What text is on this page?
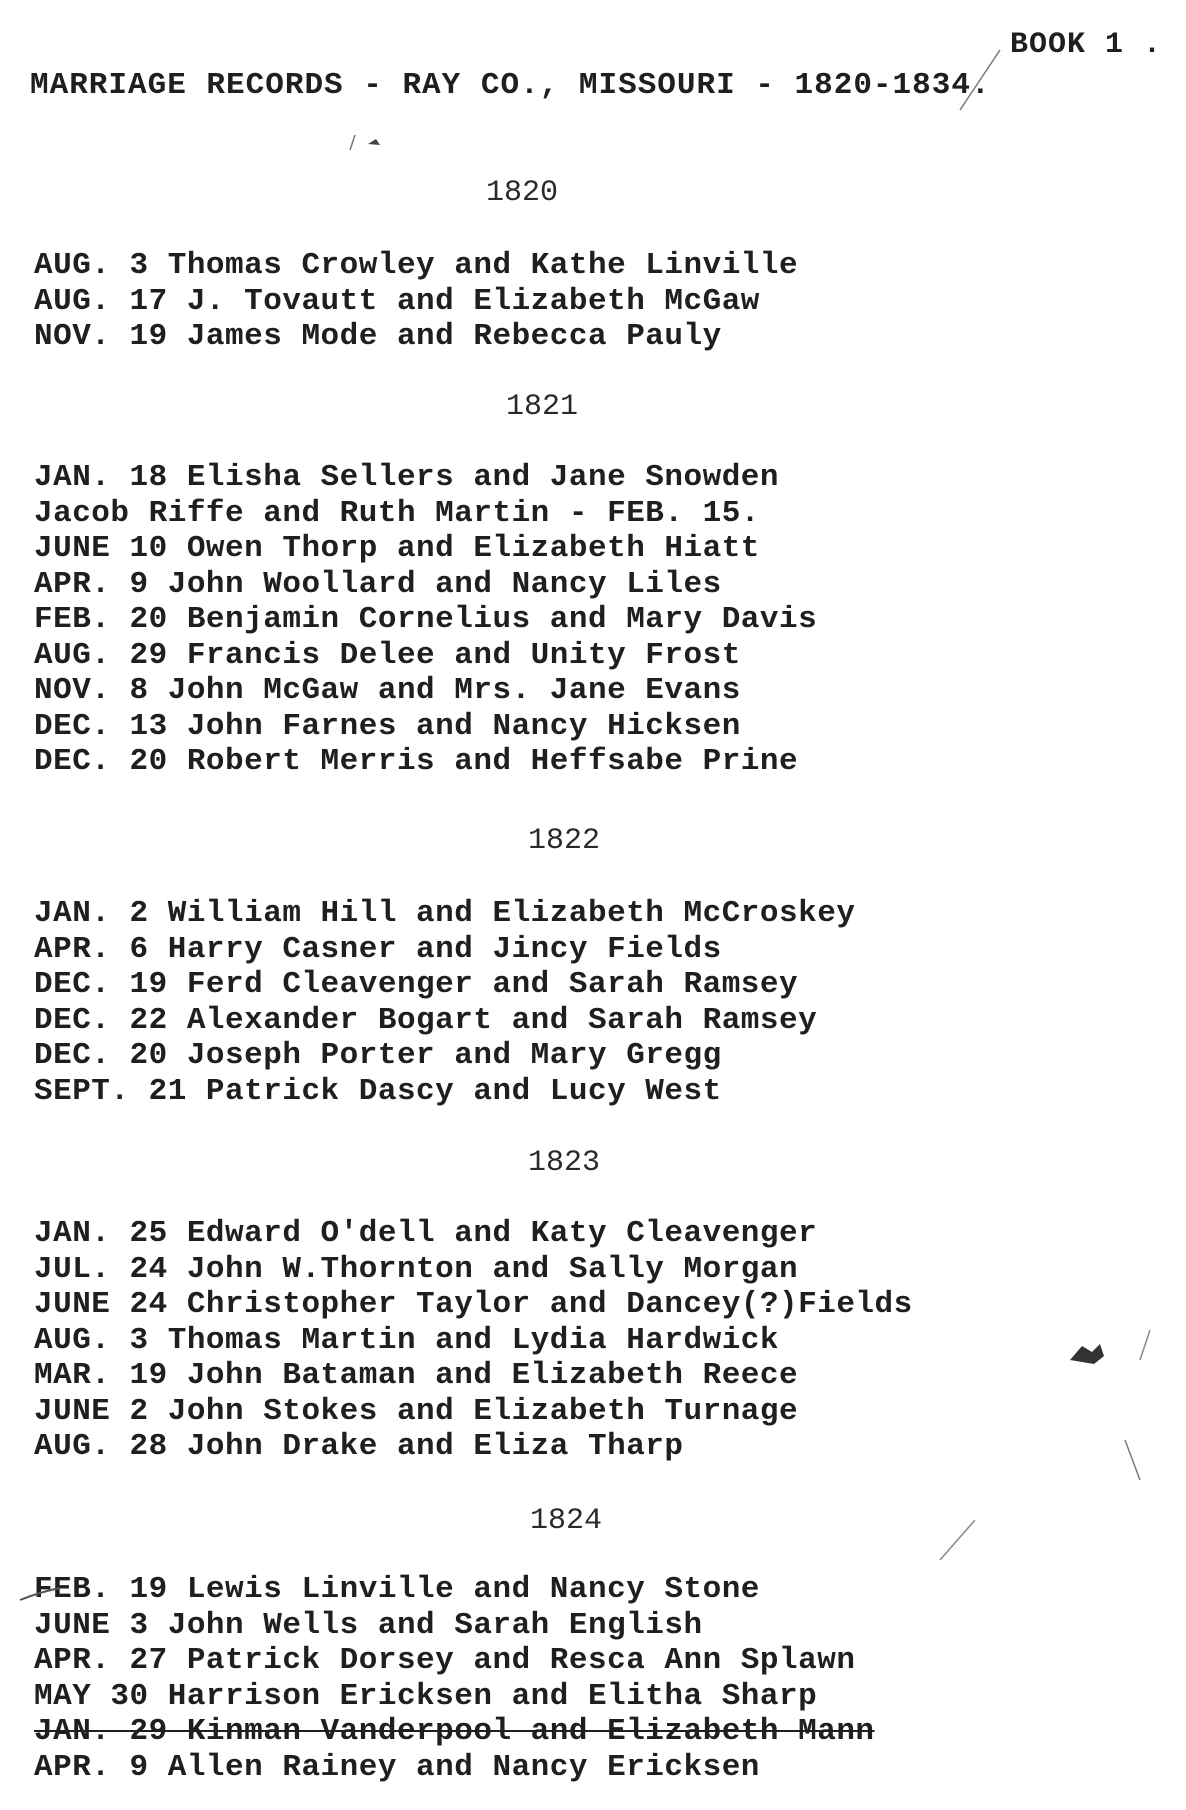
BOOK 1 .
MARRIAGE RECORDS - RAY CO., MISSOURI - 1820-1834.
1820
AUG. 3 Thomas Crowley and Kathe Linville
AUG. 17 J. Tovautt and Elizabeth McGaw
NOV. 19 James Mode and Rebecca Pauly
1821
JAN. 18 Elisha Sellers and Jane Snowden
Jacob Riffe and Ruth Martin - FEB. 15.
JUNE 10 Owen Thorp and Elizabeth Hiatt
APR. 9 John Woollard and Nancy Liles
FEB. 20 Benjamin Cornelius and Mary Davis
AUG. 29 Francis Delee and Unity Frost
NOV. 8 John McGaw and Mrs. Jane Evans
DEC. 13 John Farnes and Nancy Hicksen
DEC. 20 Robert Merris and Heffsabe Prine
1822
JAN. 2 William Hill and Elizabeth McCroskey
APR. 6 Harry Casner and Jincy Fields
DEC. 19 Ferd Cleavenger and Sarah Ramsey
DEC. 22 Alexander Bogart and Sarah Ramsey
DEC. 20 Joseph Porter and Mary Gregg
SEPT. 21 Patrick Dascy and Lucy West
1823
JAN. 25 Edward O'dell and Katy Cleavenger
JUL. 24 John W.Thornton and Sally Morgan
JUNE 24 Christopher Taylor and Dancey(?)Fields
AUG. 3 Thomas Martin and Lydia Hardwick
MAR. 19 John Bataman and Elizabeth Reece
JUNE 2 John Stokes and Elizabeth Turnage
AUG. 28 John Drake and Eliza Tharp
1824
FEB. 19 Lewis Linville and Nancy Stone
JUNE 3 John Wells and Sarah English
APR. 27 Patrick Dorsey and Resca Ann Splawn
MAY 30 Harrison Ericksen and Elitha Sharp
JAN. 29 Kinman Vanderpool and Elizabeth Mann
APR. 9 Allen Rainey and Nancy Ericksen
